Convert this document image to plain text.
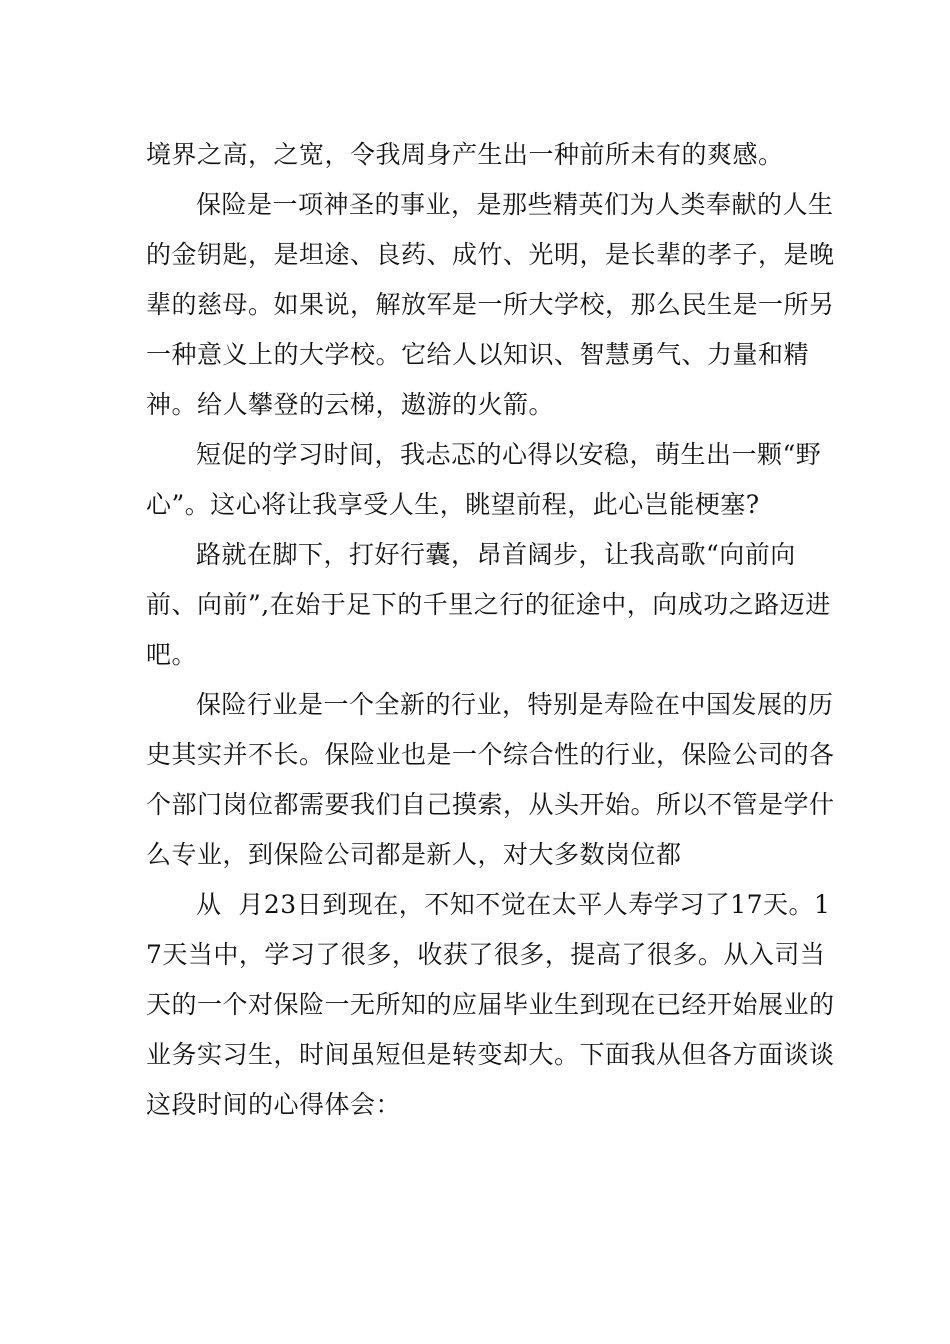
境界之高，之宽，令我周身产生出一种前所未有的爽感。

保险是一项神圣的事业，是那些精英们为人类奉献的人生的金钥匙，是坦途、良药、成竹、光明，是长辈的孝子，是晚辈的慈母。如果说，解放军是一所大学校，那么民生是一所另一种意义上的大学校。它给人以知识、智慧勇气、力量和精神。给人攀登的云梯，遨游的火箭。

短促的学习时间，我忐忑的心得以安稳，萌生出一颗“野心”。这心将让我享受人生，眺望前程，此心岂能梗塞?

路就在脚下，打好行囊，昂首阔步，让我高歌“向前向前、向前”,在始于足下的千里之行的征途中，向成功之路迈进吧。

保险行业是一个全新的行业，特别是寿险在中国发展的历史其实并不长。保险业也是一个综合性的行业，保险公司的各个部门岗位都需要我们自己摸索，从头开始。所以不管是学什么专业，到保险公司都是新人，对大多数岗位都

从  月23日到现在，不知不觉在太平人寿学习了17天。17天当中，学习了很多，收获了很多，提高了很多。从入司当天的一个对保险一无所知的应届毕业生到现在已经开始展业的业务实习生，时间虽短但是转变却大。下面我从但各方面谈谈这段时间的心得体会：
